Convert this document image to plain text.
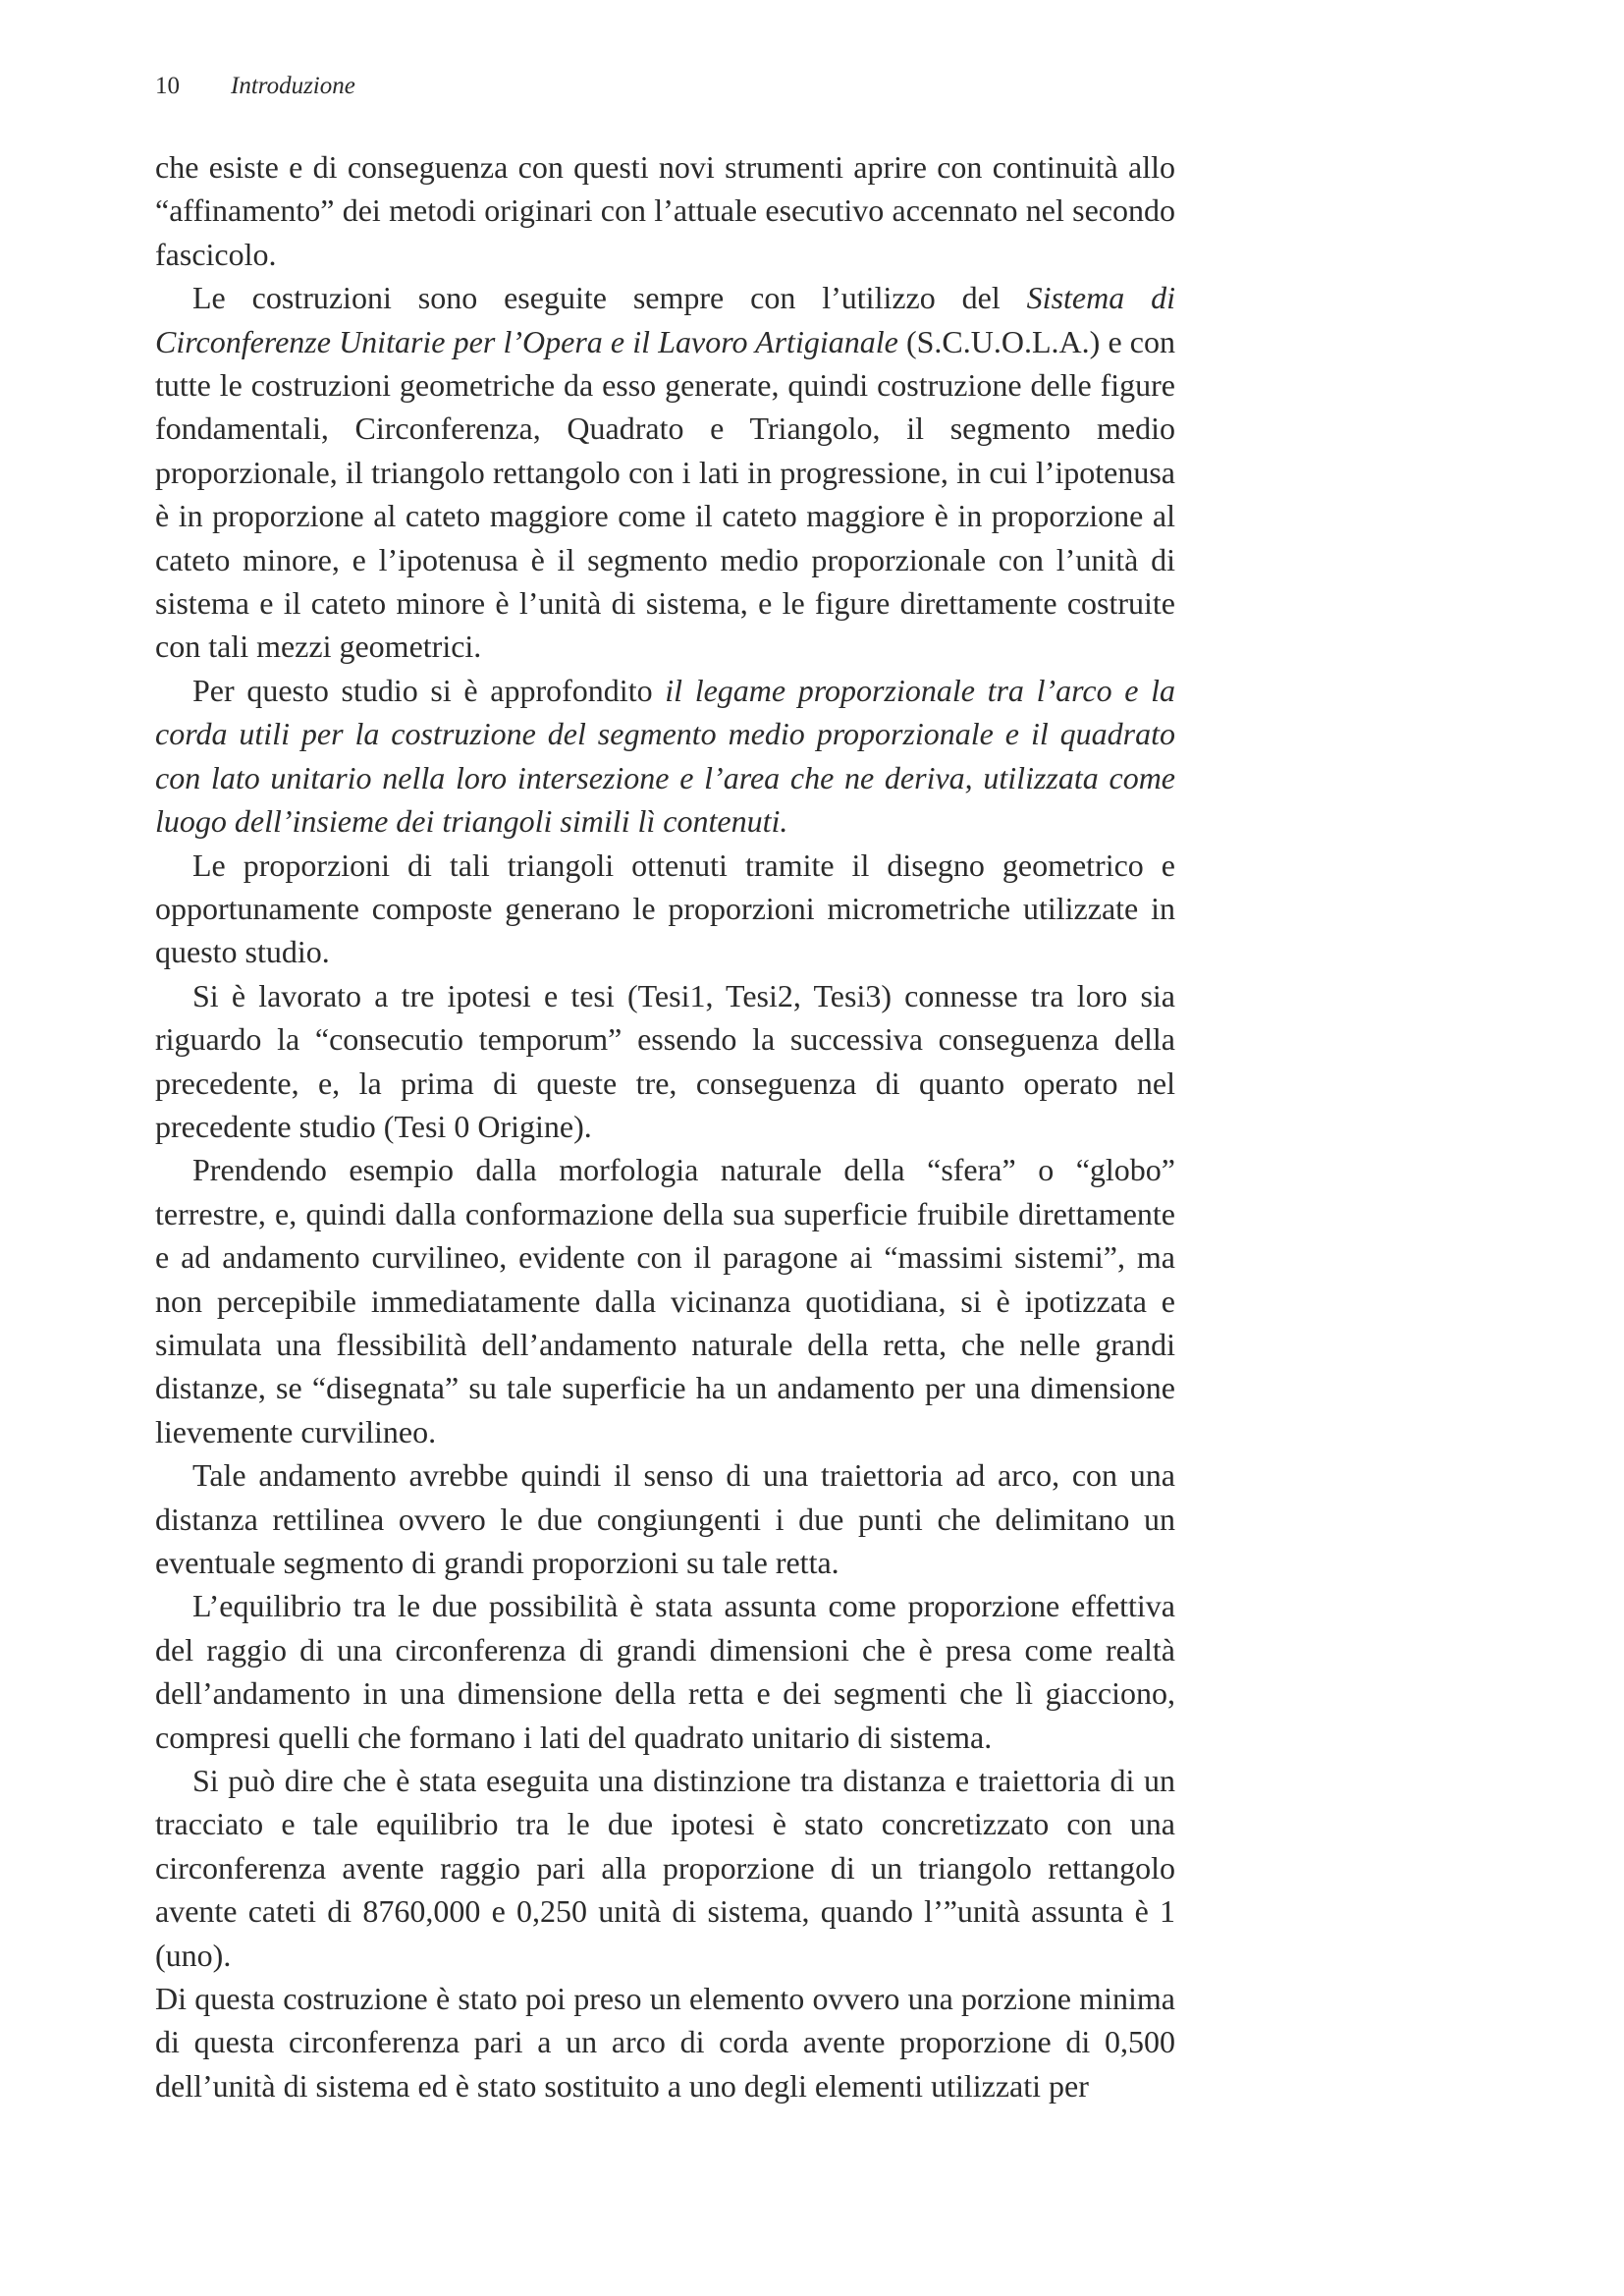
10 Introduzione

che esiste e di conseguenza con questi novi strumenti aprire con continuità allo “affinamento” dei metodi originari con l’attuale esecutivo accennato nel secondo fascicolo.

Le costruzioni sono eseguite sempre con l’utilizzo del Sistema di Circonferenze Unitarie per l’Opera e il Lavoro Artigianale (S.C.U.O.L.A.) e con tutte le costruzioni geometriche da esso generate, quindi costruzione delle figure fondamentali, Circonferenza, Quadrato e Triangolo, il segmento medio proporzionale, il triangolo rettangolo con i lati in progressione, in cui l’ipotenusa è in proporzione al cateto maggiore come il cateto maggiore è in proporzione al cateto minore, e l’ipotenusa è il segmento medio proporzionale con l’unità di sistema e il cateto minore è l’unità di sistema, e le figure direttamente costruite con tali mezzi geometrici.

Per questo studio si è approfondito il legame proporzionale tra l’arco e la corda utili per la costruzione del segmento medio proporzionale e il quadrato con lato unitario nella loro intersezione e l’area che ne deriva, utilizzata come luogo dell’insieme dei triangoli simili lì contenuti.

Le proporzioni di tali triangoli ottenuti tramite il disegno geometrico e opportunamente composte generano le proporzioni micrometriche utilizzate in questo studio.

Si è lavorato a tre ipotesi e tesi (Tesi1, Tesi2, Tesi3) connesse tra loro sia riguardo la “consecutio temporum” essendo la successiva conseguenza della precedente, e, la prima di queste tre, conseguenza di quanto operato nel precedente studio (Tesi 0 Origine).

Prendendo esempio dalla morfologia naturale della “sfera” o “globo” terrestre, e, quindi dalla conformazione della sua superficie fruibile direttamente e ad andamento curvilineo, evidente con il paragone ai “massimi sistemi”, ma non percepibile immediatamente dalla vicinanza quotidiana, si è ipotizzata e simulata una flessibilità dell’andamento naturale della retta, che nelle grandi distanze, se “disegnata” su tale superficie ha un andamento per una dimensione lievemente curvilineo.

Tale andamento avrebbe quindi il senso di una traiettoria ad arco, con una distanza rettilinea ovvero le due congiungenti i due punti che delimitano un eventuale segmento di grandi proporzioni su tale retta.

L’equilibrio tra le due possibilità è stata assunta come proporzione effettiva del raggio di una circonferenza di grandi dimensioni che è presa come realtà dell’andamento in una dimensione della retta e dei segmenti che lì giacciono, compresi quelli che formano i lati del quadrato unitario di sistema.

Si può dire che è stata eseguita una distinzione tra distanza e traiettoria di un tracciato e tale equilibrio tra le due ipotesi è stato concretizzato con una circonferenza avente raggio pari alla proporzione di un triangolo rettangolo avente cateti di 8760,000 e 0,250 unità di sistema, quando l’”unità assunta è 1 (uno).

Di questa costruzione è stato poi preso un elemento ovvero una porzione minima di questa circonferenza pari a un arco di corda avente proporzione di 0,500 dell’unità di sistema ed è stato sostituito a uno degli elementi utilizzati per
